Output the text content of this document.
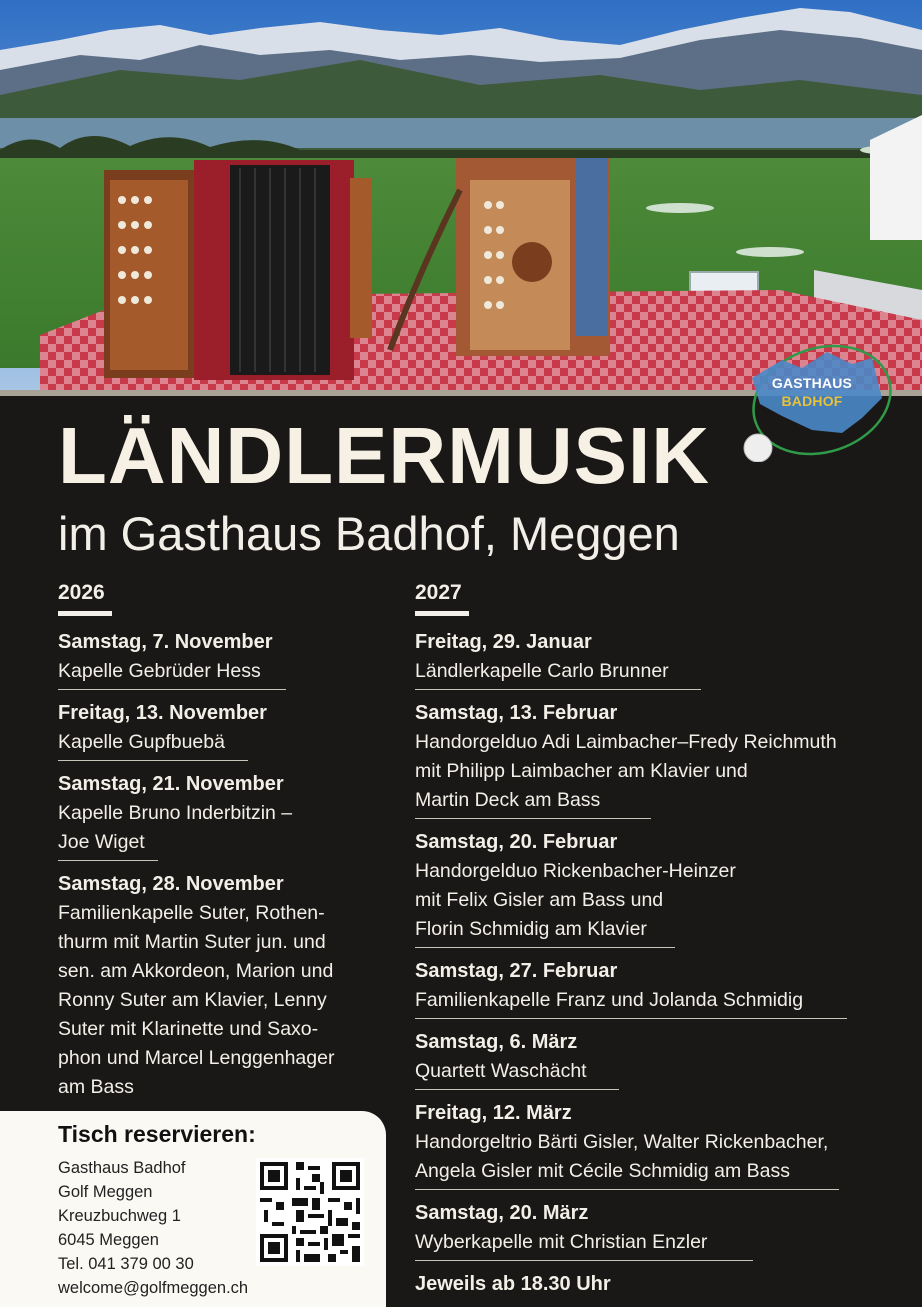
GASTHAUS
BADHOF
LÄNDLERMUSIK
im Gasthaus Badhof, Meggen
2026
Samstag, 7. November
Kapelle Gebrüder Hess
Freitag, 13. November
Kapelle Gupfbuebä
Samstag, 21. November
Kapelle Bruno Inderbitzin –
Joe Wiget
Samstag, 28. November
Familienkapelle Suter, Rothen-
thurm mit Martin Suter jun. und
sen. am Akkordeon, Marion und
Ronny Suter am Klavier, Lenny
Suter mit Klarinette und Saxo-
phon und Marcel Lenggenhager
am Bass
2027
Freitag, 29. Januar
Ländlerkapelle Carlo Brunner
Samstag, 13. Februar
Handorgelduo Adi Laimbacher–Fredy Reichmuth
mit Philipp Laimbacher am Klavier und
Martin Deck am Bass
Samstag, 20. Februar
Handorgelduo Rickenbacher-Heinzer
mit Felix Gisler am Bass und
Florin Schmidig am Klavier
Samstag, 27. Februar
Familienkapelle Franz und Jolanda Schmidig
Samstag, 6. März
Quartett Waschächt
Freitag, 12. März
Handorgeltrio Bärti Gisler, Walter Rickenbacher,
Angela Gisler mit Cécile Schmidig am Bass
Samstag, 20. März
Wyberkapelle mit Christian Enzler
Jeweils ab 18.30 Uhr
Tisch reservieren:
Gasthaus Badhof
Golf Meggen
Kreuzbuchweg 1
6045 Meggen
Tel. 041 379 00 30
welcome@golfmeggen.ch
